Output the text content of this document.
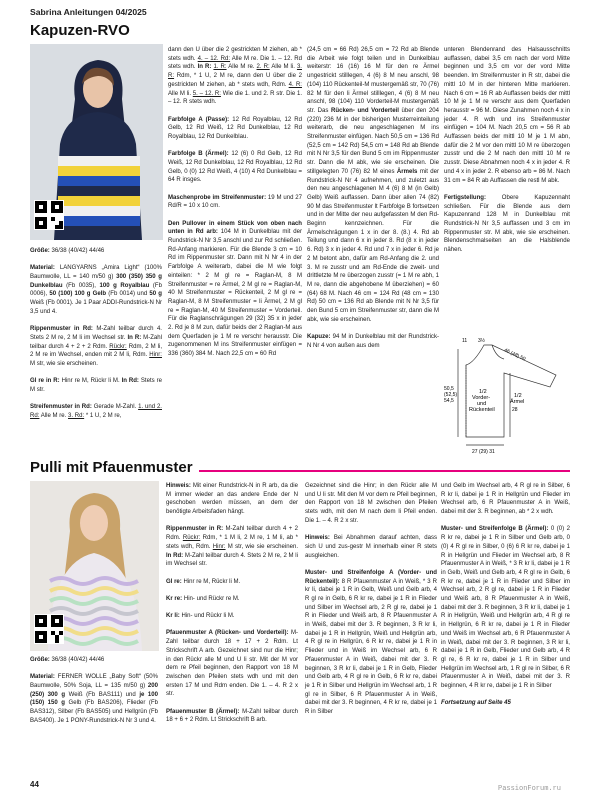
Sabrina Anleitungen 04/2025
Kapuzen-RVO

Größe: 36/38 (40/42) 44/46

Material: LANGYARNS „Amira Light“ (100% Baumwolle, LL = 140 m/50 g) 300 (350) 350 g Dunkelblau (Fb 0035), 100 g Royalblau (Fb 0006), 50 (100) 100 g Gelb (Fb 0014) und 50 g Weiß (Fb 0001). Je 1 Paar ADDI-Rundstrick-N Nr 3,5 und 4.

Rippenmuster in Rd: M-Zahl teilbar durch 4. Stets 2 M re, 2 M li im Wechsel str. In R: M-Zahl teilbar durch 4 + 2 + 2 Rdm. Rückr: Rdm, 2 M li, 2 M re im Wechsel, enden mit 2 M li, Rdm. Hinr: M str, wie sie erscheinen.

Gl re in R: Hinr re M, Rückr li M. In Rd: Stets re M str.

Streifenmuster in Rd: Gerade M-Zahl. 1. und 2. Rd: Alle M re. 3. Rd: * 1 U, 2 M re,

dann den U über die 2 gestrickten M ziehen, ab * stets wdh. 4. – 12. Rd: Alle M re. Die 1. – 12. Rd stets wdh. In R: 1. R: Alle M re. 2. R: Alle M li. 3. R: Rdm, * 1 U, 2 M re, dann den U über die 2 gestrickten M ziehen, ab * stets wdh, Rdm. 4. R: Alle M li. 5. – 12. R: Wie die 1. und 2. R str. Die 1. – 12. R stets wdh.

Farbfolge A (Passe): 12 Rd Royalblau, 12 Rd Gelb, 12 Rd Weiß, 12 Rd Dunkelblau, 12 Rd Royalblau, 12 Rd Dunkelblau.

Farbfolge B (Ärmel): 12 (6) 0 Rd Gelb, 12 Rd Weiß, 12 Rd Dunkelblau, 12 Rd Royalblau, 12 Rd Gelb, 0 (0) 12 Rd Weiß, 4 (10) 4 Rd Dunkelblau = 64 R insges.

Maschenprobe im Streifenmuster: 19 M und 27 Rd/R = 10 x 10 cm.

Den Pullover in einem Stück von oben nach unten in Rd arb: 104 M in Dunkelblau mit der Rundstrick-N Nr 3,5 anschl und zur Rd schließen. Rd-Anfang markieren. Für die Blende 3 cm = 10 Rd im Rippenmuster str. Dann mit N Nr 4 in der Farbfolge A weiterarb, dabei die M wie folgt einteilen: * 2 M gl re = Raglan-M, 8 M Streifenmuster = re Ärmel, 2 M gl re = Raglan-M, 40 M Streifenmuster = Rückenteil, 2 M gl re = Raglan-M, 8 M Streifenmuster = li Ärmel, 2 M gl re = Raglan-M, 40 M Streifenmuster = Vorderteil. Für die Raglanschrägungen 29 (32) 35 x in jeder 2. Rd je 8 M zun, dafür beids der 2 Raglan-M aus dem Querfaden je 1 M re verschr herausstr. Die zugenommenen M ins Streifenmuster einfügen = 336 (360) 384 M. Nach 22,5 cm = 60 Rd

(24,5 cm = 66 Rd) 26,5 cm = 72 Rd ab Blende die Arbeit wie folgt teilen und in Dunkelblau weiterstr: 16 (16) 16 M für den re Ärmel ungestrickt stilllegen, 4 (6) 8 M neu anschl, 98 (104) 110 Rückenteil-M mustergemäß str, 70 (76) 82 M für den li Ärmel stilllegen, 4 (6) 8 M neu anschl, 98 (104) 110 Vorderteil-M mustergemäß str. Das Rücken- und Vorderteil über den 204 (220) 236 M in der bisherigen Musterreinteilung weiterarb, die neu angeschlagenen M ins Streifenmuster einfügen. Nach 50,5 cm = 136 Rd (52,5 cm = 142 Rd) 54,5 cm = 148 Rd ab Blende mit N Nr 3,5 für den Bund 5 cm im Rippenmuster str. Dann die M abk, wie sie erscheinen. Die stillgelegten 70 (76) 82 M eines Ärmels mit der Rundstrick-N Nr 4 aufnehmen, und zuletzt aus den neu angeschlagenen M 4 (6) 8 M (in Gelb) Gelb) Weiß auffassen. Dann über allen 74 (82) 90 M das Streifenmuster lt Farbfolge B fortsetzen und in der Mitte der neu aufgefassten M den Rd-Beginn kennzeichnen. Für die Ärmelschrägungen 1 x in der 8. (8.) 4. Rd ab Teilung und dann 6 x in jeder 8. Rd (8 x in jeder 6. Rd) 3 x in jeder 4. Rd und 7 x in jeder 6. Rd je 2 M betont abn, dafür am Rd-Anfang die 2. und 3. M re zusstr und am Rd-Ende die zweit- und drittletzte M re überzogen zusstr (= 1 M re abh, 1 M re, dann die abgehobene M überziehen) = 60 (64) 68 M. Nach 46 cm = 124 Rd (48 cm = 130 Rd) 50 cm = 136 Rd ab Blende mit N Nr 3,5 für den Bund 5 cm im Streifenmuster str, dann die M abk, wie sie erscheinen.

Kapuze: 94 M in Dunkelblau mit der Rundstrick-N Nr 4 von außen aus dem

unteren Blendenrand des Halsausschnitts auffassen, dabei 3,5 cm nach der vord Mitte beginnen und 3,5 cm vor der vord Mitte beenden. Im Streifenmuster in R str, dabei die mittl 10 M in der hinteren Mitte markieren. Nach 6 cm = 16 R ab Auffassen beids der mittl 10 M je 1 M re verschr aus dem Querfaden herausstr = 96 M. Diese Zunahmen noch 4 x in jeder 4. R wdh und ins Streifenmuster einfügen = 104 M. Nach 20,5 cm = 56 R ab Auffassen beids der mittl 10 M je 1 M abn, dafür die 2 M vor den mittl 10 M re überzogen zusstr und die 2 M nach den mittl 10 M re zusstr. Diese Abnahmen noch 4 x in jeder 4. R und 4 x in jeder 2. R ebenso arb = 86 M. Nach 31 cm = 84 R ab Auffassen die restl M abk.

Fertigstellung: Obere Kapuzennaht schließen. Für die Blende aus dem Kapuzenrand 128 M in Dunkelblau mit Rundstrick-N Nr 3,5 auffassen und 3 cm im Rippenmuster str. M abk, wie sie erscheinen. Blendenschmalseiten an die Halsblende nähen.

11 3½
46 (48) 50
1/2 Ärmel
1/2 Vorder-und Rückenteil
50,5 (52,5) 54,5
28
27 (29) 31
Pulli mit Pfauenmuster

Größe: 36/38 (40/42) 44/46

Material: FERNER WOLLE „Baby Soft“ (50% Baumwolle, 50% Soja, LL = 135 m/50 g) 200 (250) 300 g Weiß (Fb BAS111) und je 100 (150) 150 g Gelb (Fb BAS206), Flieder (Fb BAS312), Silber (Fb BAS505) und Hellgrün (Fb BAS400). Je 1 PONY-Rundstrick-N Nr 3 und 4.

Hinweis: Mit einer Rundstrick-N in R arb, da die M immer wieder an das andere Ende der N geschoben werden müssen, an dem der benötigte Arbeitsfaden hängt.

Rippenmuster in R: M-Zahl teilbar durch 4 + 2 Rdm. Rückr: Rdm, * 1 M li, 2 M re, 1 M li, ab * stets wdh, Rdm. Hinr: M str, wie sie erscheinen. In Rd: M-Zahl teilbar durch 4. Stets 2 M re, 2 M li im Wechsel str.

Gl re: Hinr re M, Rückr li M.

Kr re: Hin- und Rückr re M.

Kr li: Hin- und Rückr li M.

Pfauenmuster A (Rücken- und Vorderteil): M-Zahl teilbar durch 18 + 17 + 2 Rdm. Lt Strickschrift A arb. Gezeichnet sind nur die Hinr; in den Rückr alle M und U li str. Mit der M vor dem re Pfeil beginnen, den Rapport von 18 M zwischen den Pfeilen stets wdh und mit den ersten 17 M und Rdm enden. Die 1. – 4. R 2 x str.

Pfauenmuster B (Ärmel): M-Zahl teilbar durch 18 + 6 + 2 Rdm. Lt Strickschrift B arb.

Gezeichnet sind die Hinr; in den Rückr alle M und U li str. Mit den M vor dem re Pfeil beginnen, den Rapport von 18 M zwischen den Pfeilen stets wdh, mit den M nach dem li Pfeil enden. Die 1. – 4. R 2 x str.

Hinweis: Bei Abnahmen darauf achten, dass sich U und zus-gestr M innerhalb einer R stets ausgleichen.

Muster- und Streifenfolge A (Vorder- und Rückenteil): 8 R Pfauenmuster A in Weiß, * 3 R kr li, dabei je 1 R in Gelb, Weiß und Gelb arb, 4 R gl re in Gelb, 6 R kr re, dabei je 1 R in Flieder und Silber im Wechsel arb, 2 R gl re, dabei je 1 R in Flieder und Weiß arb, 8 R Pfauenmuster A in Weiß, dabei mit der 3. R beginnen, 3 R kr li, dabei je 1 R in Hellgrün, Weiß und Hellgrün arb, 4 R gl re in Hellgrün, 6 R kr re, dabei je 1 R in Flieder und in Weiß im Wechsel arb, 6 R Pfauenmuster A in Weiß, dabei mit der 3. R beginnen, 3 R kr li, dabei je 1 R in Gelb, Flieder und Gelb arb, 4 R gl re in Gelb, 6 R kr re, dabei je 1 R in Silber und Hellgrün im Wechsel arb, 1 R gl re in Silber, 6 R Pfauenmuster A in Weiß, dabei mit der 3. R beginnen, 4 R kr re, dabei je 1 R in Silber

und Gelb im Wechsel arb, 4 R gl re in Silber, 6 R kr li, dabei je 1 R in Hellgrün und Flieder im Wechsel arb, 6 R Pfauenmuster A in Weiß, dabei mit der 3. R beginnen, ab * 2 x wdh.

Muster- und Streifenfolge B (Ärmel): 0 (0) 2 R kr re, dabei je 1 R in Silber und Gelb arb, 0 (0) 4 R gl re in Silber, 0 (6) 6 R kr re, dabei je 1 R in Hellgrün und Flieder im Wechsel arb, 8 R Pfauenmuster A in Weiß, * 3 R kr li, dabei je 1 R in Gelb, Weiß und Gelb arb, 4 R gl re in Gelb, 6 R kr re, dabei je 1 R in Flieder und Silber im Wechsel arb, 2 R gl re, dabei je 1 R in Flieder und Weiß arb, 8 R Pfauenmuster A in Weiß, dabei mit der 3. R beginnen, 3 R kr li, dabei je 1 R in Hellgrün, Weiß und Hellgrün arb, 4 R gl re in Hellgrün, 6 R kr re, dabei je 1 R in Flieder und Weiß im Wechsel arb, 6 R Pfauenmuster A in Weiß, dabei mit der 3. R beginnen, 3 R kr li, dabei je 1 R in Gelb, Flieder und Gelb arb, 4 R gl re, 6 R kr re, dabei je 1 R in Silber und Hellgrün im Wechsel arb, 1 R gl re in Silber, 6 R Pfauenmuster A in Weiß, dabei mit der 3. R beginnen, 4 R kr re, dabei je 1 R in Silber

Fortsetzung auf Seite 45

44	PassionForum.ru
